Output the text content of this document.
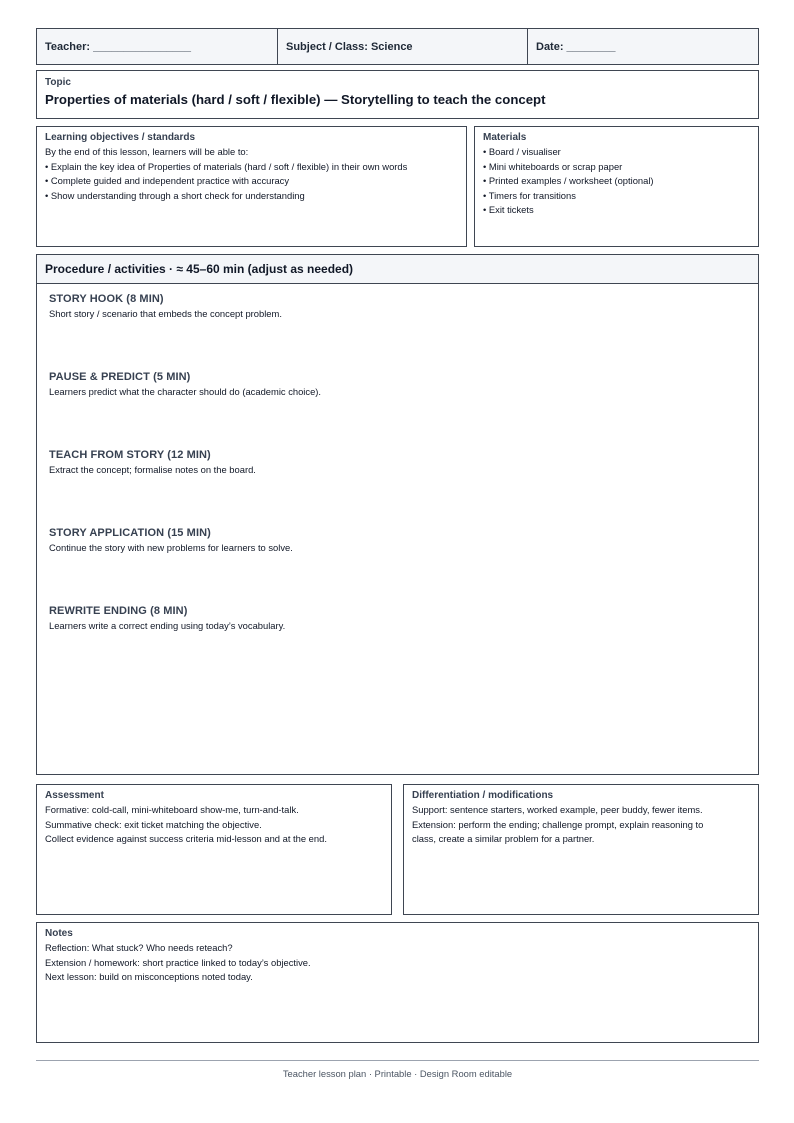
Teacher: ________________	Subject / Class: Science	Date: ________
Topic
Properties of materials (hard / soft / flexible) — Storytelling to teach the concept
Learning objectives / standards
By the end of this lesson, learners will be able to:
• Explain the key idea of Properties of materials (hard / soft / flexible) in their own words
• Complete guided and independent practice with accuracy
• Show understanding through a short check for understanding
Materials
• Board / visualiser
• Mini whiteboards or scrap paper
• Printed examples / worksheet (optional)
• Timers for transitions
• Exit tickets
Procedure / activities · ≈ 45–60 min (adjust as needed)
STORY HOOK (8 MIN)
Short story / scenario that embeds the concept problem.
PAUSE & PREDICT (5 MIN)
Learners predict what the character should do (academic choice).
TEACH FROM STORY (12 MIN)
Extract the concept; formalise notes on the board.
STORY APPLICATION (15 MIN)
Continue the story with new problems for learners to solve.
REWRITE ENDING (8 MIN)
Learners write a correct ending using today’s vocabulary.
Assessment
Formative: cold-call, mini-whiteboard show-me, turn-and-talk.
Summative check: exit ticket matching the objective.
Collect evidence against success criteria mid-lesson and at the end.
Differentiation / modifications
Support: sentence starters, worked example, peer buddy, fewer items.
Extension: perform the ending; challenge prompt, explain reasoning to
class, create a similar problem for a partner.
Notes
Reflection: What stuck? Who needs reteach?
Extension / homework: short practice linked to today’s objective.
Next lesson: build on misconceptions noted today.
Teacher lesson plan · Printable · Design Room editable
